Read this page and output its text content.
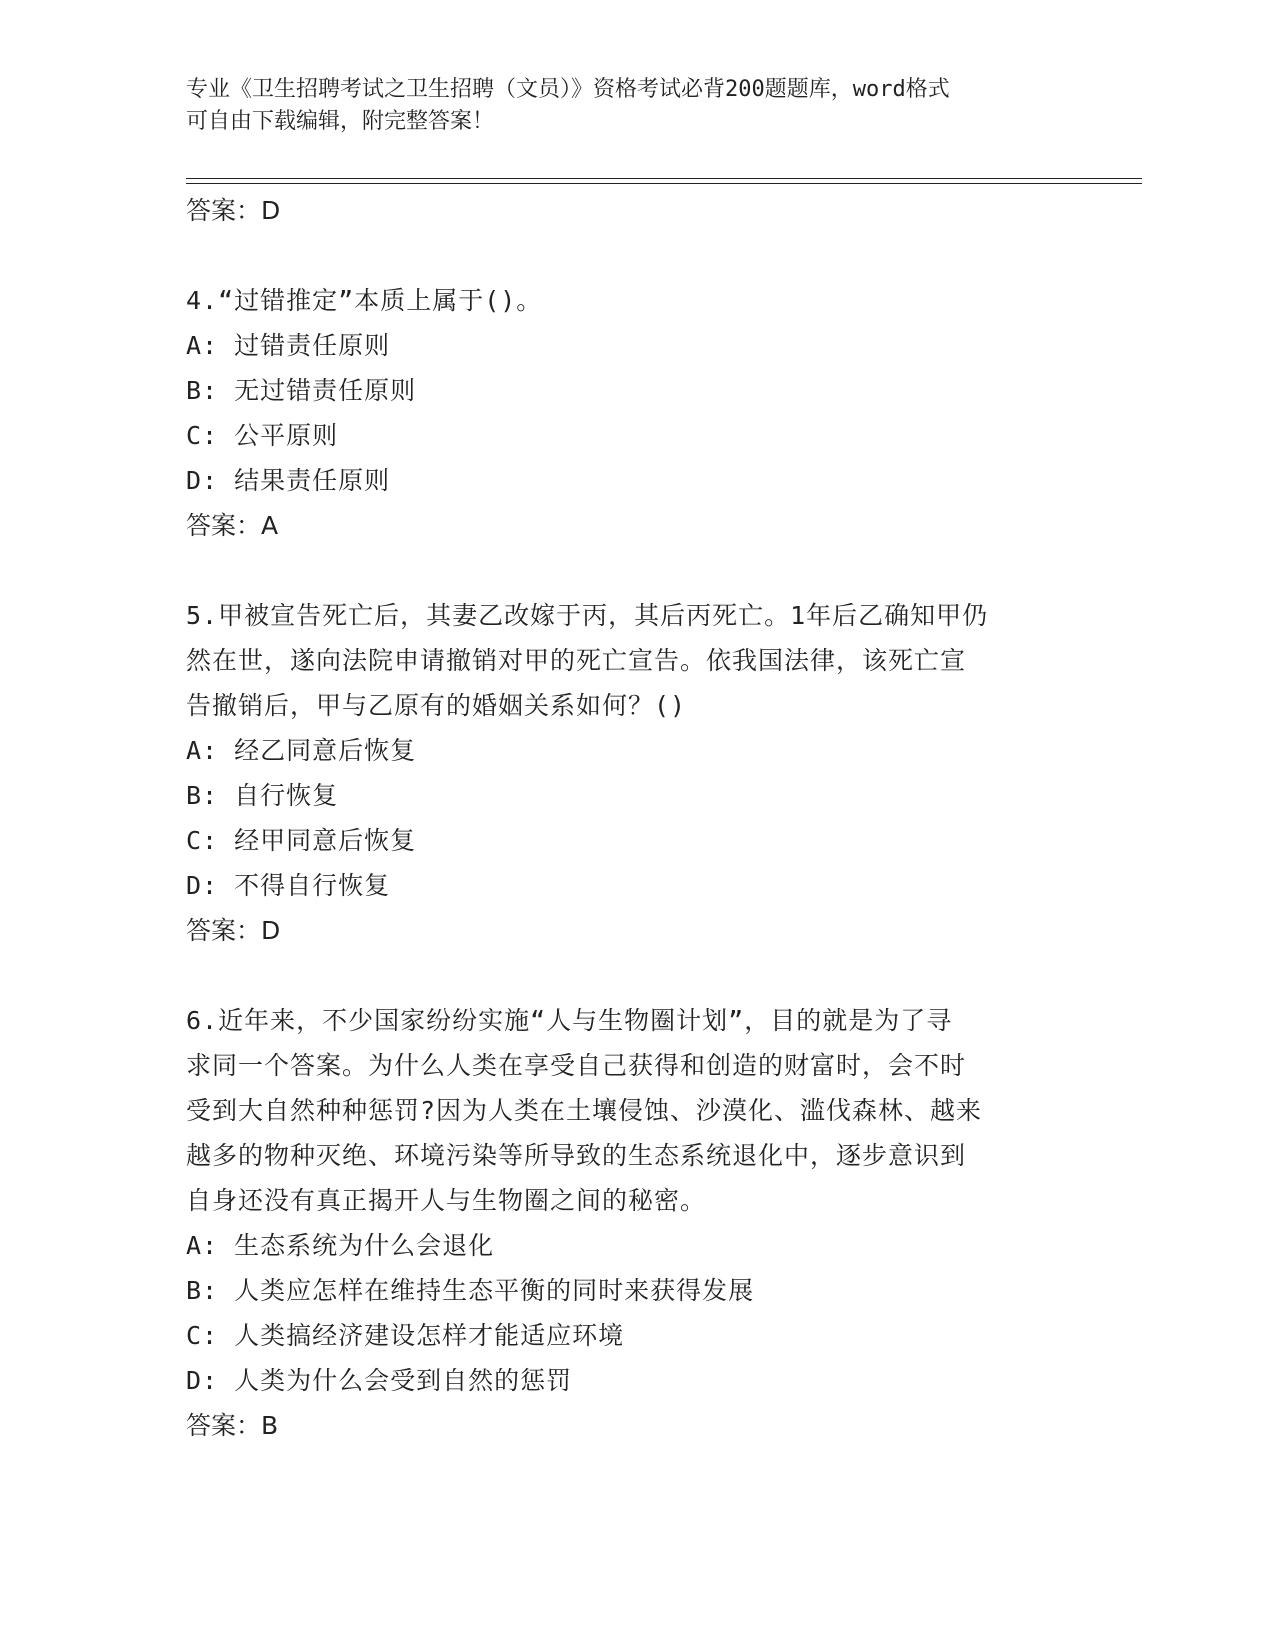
专业《卫生招聘考试之卫生招聘（文员）》资格考试必背200题题库，word格式
可自由下载编辑，附完整答案！
答案：D
4.“过错推定”本质上属于()。
A: 过错责任原则
B: 无过错责任原则
C: 公平原则
D: 结果责任原则
答案：A
5.甲被宣告死亡后，其妻乙改嫁于丙，其后丙死亡。1年后乙确知甲仍
然在世，遂向法院申请撤销对甲的死亡宣告。依我国法律，该死亡宣
告撤销后，甲与乙原有的婚姻关系如何？()
A: 经乙同意后恢复
B: 自行恢复
C: 经甲同意后恢复
D: 不得自行恢复
答案：D
6.近年来，不少国家纷纷实施“人与生物圈计划”，目的就是为了寻
求同一个答案。为什么人类在享受自己获得和创造的财富时，会不时
受到大自然种种惩罚?因为人类在土壤侵蚀、沙漠化、滥伐森林、越来
越多的物种灭绝、环境污染等所导致的生态系统退化中，逐步意识到
自身还没有真正揭开人与生物圈之间的秘密。
A: 生态系统为什么会退化
B: 人类应怎样在维持生态平衡的同时来获得发展
C: 人类搞经济建设怎样才能适应环境
D: 人类为什么会受到自然的惩罚
答案：B
